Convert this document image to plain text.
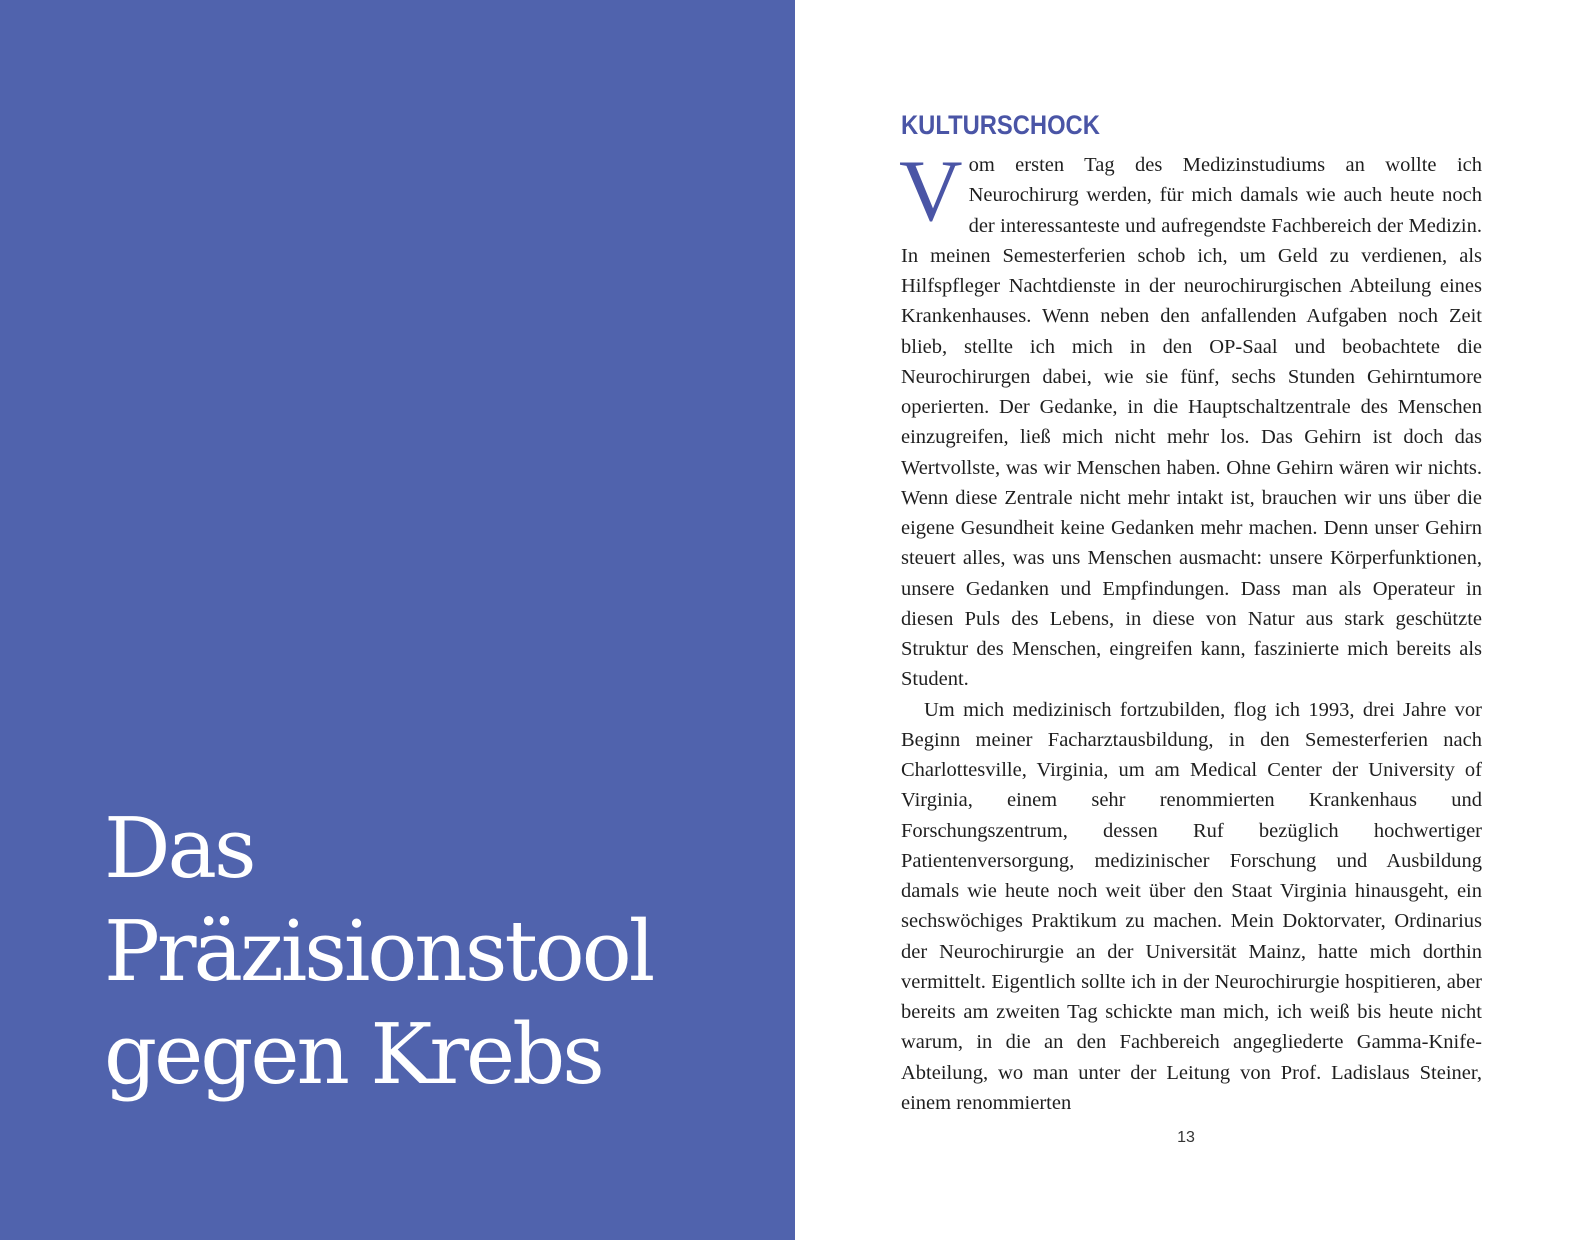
Das
Präzisionstool
gegen Krebs
KULTURSCHOCK

Vom ersten Tag des Medizinstudiums an wollte ich Neurochirurg werden, für mich damals wie auch heute noch der interessanteste und aufregendste Fachbereich der Medizin. In meinen Semesterferien schob ich, um Geld zu verdienen, als Hilfspfleger Nachtdienste in der neurochirurgischen Abteilung eines Krankenhauses. Wenn neben den anfallenden Aufgaben noch Zeit blieb, stellte ich mich in den OP-Saal und beobachtete die Neurochirurgen dabei, wie sie fünf, sechs Stunden Gehirntumore operierten. Der Gedanke, in die Hauptschaltzentrale des Menschen einzugreifen, ließ mich nicht mehr los. Das Gehirn ist doch das Wertvollste, was wir Menschen haben. Ohne Gehirn wären wir nichts. Wenn diese Zentrale nicht mehr intakt ist, brauchen wir uns über die eigene Gesundheit keine Gedanken mehr machen. Denn unser Gehirn steuert alles, was uns Menschen ausmacht: unsere Körperfunktionen, unsere Gedanken und Empfindungen. Dass man als Operateur in diesen Puls des Lebens, in diese von Natur aus stark geschützte Struktur des Menschen, eingreifen kann, faszinierte mich bereits als Student.

Um mich medizinisch fortzubilden, flog ich 1993, drei Jahre vor Beginn meiner Facharztausbildung, in den Semesterferien nach Charlottesville, Virginia, um am Medical Center der University of Virginia, einem sehr renommierten Krankenhaus und Forschungszentrum, dessen Ruf bezüglich hochwertiger Patientenversorgung, medizinischer Forschung und Ausbildung damals wie heute noch weit über den Staat Virginia hinausgeht, ein sechswöchiges Praktikum zu machen. Mein Doktorvater, Ordinarius der Neurochirurgie an der Universität Mainz, hatte mich dorthin vermittelt. Eigentlich sollte ich in der Neurochirurgie hospitieren, aber bereits am zweiten Tag schickte man mich, ich weiß bis heute nicht warum, in die an den Fachbereich angegliederte Gamma-Knife-Abteilung, wo man unter der Leitung von Prof. Ladislaus Steiner, einem renommierten

13
